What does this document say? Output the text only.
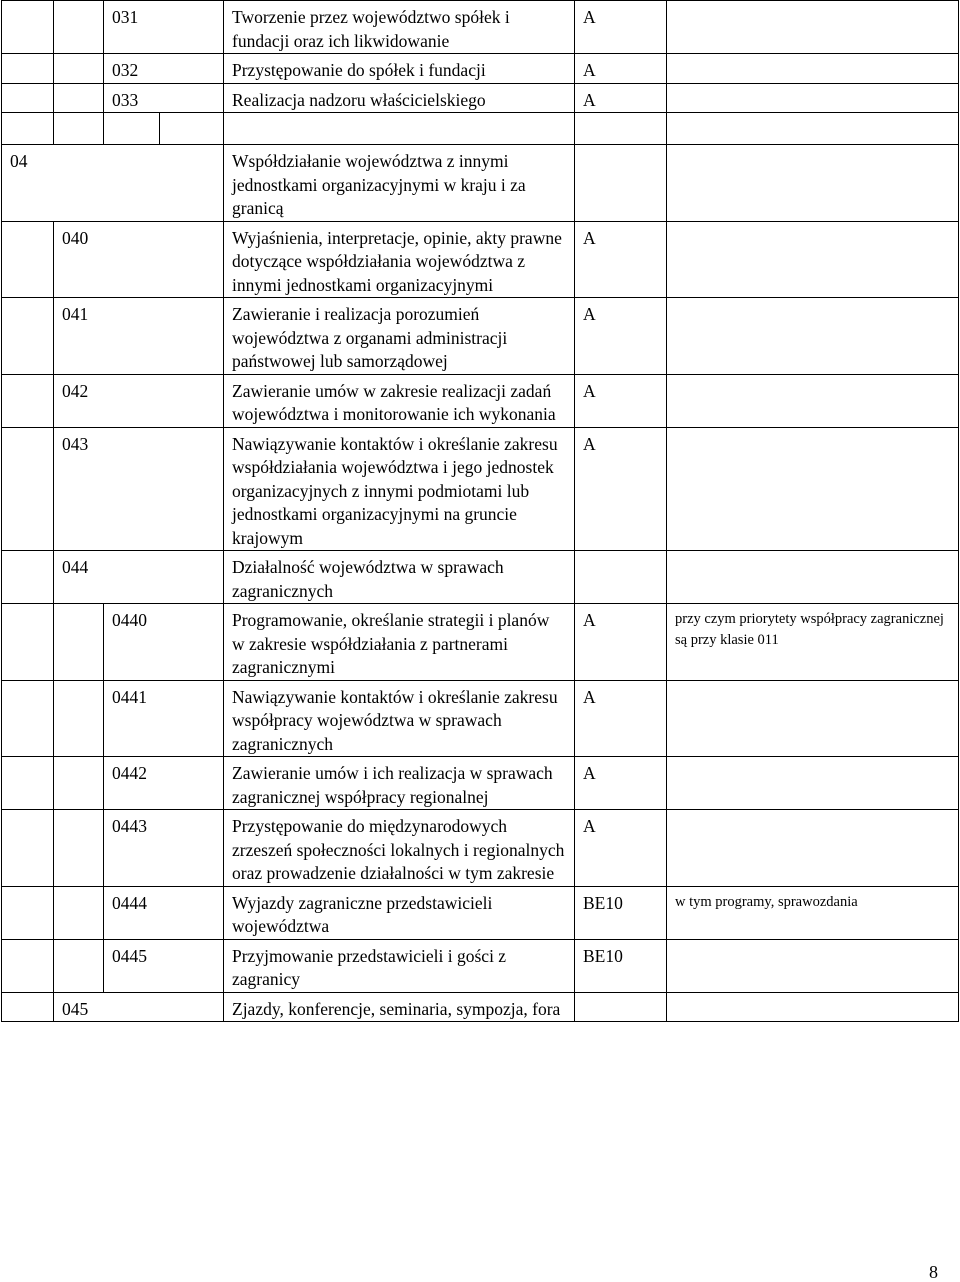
		031		Tworzenie przez województwo spółek i fundacji oraz ich likwidowanie	A	
		032		Przystępowanie do spółek i fundacji	A	
		033		Realizacja nadzoru właścicielskiego	A	

04				Współdziałanie województwa z innymi jednostkami organizacyjnymi w kraju i za granicą		
	040			Wyjaśnienia, interpretacje, opinie, akty prawne dotyczące współdziałania województwa z innymi jednostkami organizacyjnymi	A	
	041			Zawieranie i realizacja porozumień województwa z organami administracji państwowej lub samorządowej	A	
	042			Zawieranie umów w zakresie realizacji zadań województwa i monitorowanie ich wykonania	A	
	043			Nawiązywanie kontaktów i określanie zakresu współdziałania województwa i jego jednostek organizacyjnych z innymi podmiotami lub jednostkami organizacyjnymi na gruncie krajowym	A	
	044			Działalność województwa w sprawach zagranicznych		
		0440		Programowanie, określanie strategii i planów w zakresie współdziałania z partnerami zagranicznymi	A	przy czym priorytety współpracy zagranicznej są przy klasie 011
		0441		Nawiązywanie kontaktów i określanie zakresu współpracy województwa w sprawach zagranicznych	A	
		0442		Zawieranie umów i ich realizacja w sprawach zagranicznej współpracy regionalnej	A	
		0443		Przystępowanie do międzynarodowych zrzeszeń społeczności lokalnych i regionalnych oraz prowadzenie działalności w tym zakresie	A	
		0444		Wyjazdy zagraniczne przedstawicieli województwa	BE10	w tym programy, sprawozdania
		0445		Przyjmowanie przedstawicieli i gości z zagranicy	BE10	
	045			Zjazdy, konferencje, seminaria, sympozja, fora		
8
